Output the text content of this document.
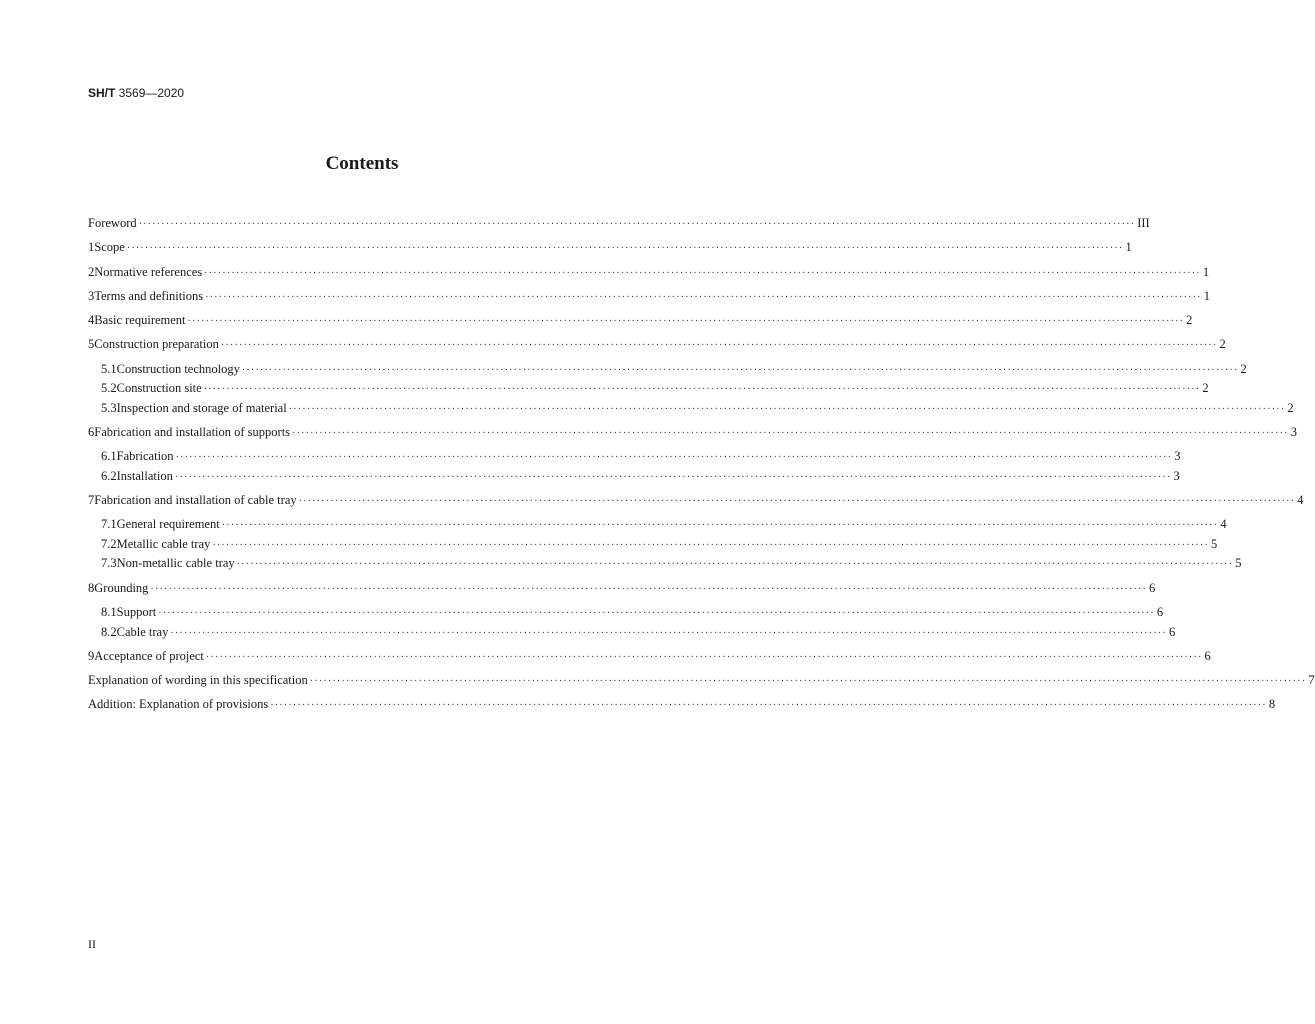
SH/T 3569—2020
Contents
Foreword ···························································································································································································································· III
1 Scope ···························································································································································································································· 1
2 Normative references ···························································································································································································································· 1
3 Terms and definitions ···························································································································································································································· 1
4 Basic requirement ···························································································································································································································· 2
5 Construction preparation ···························································································································································································································· 2
5.1 Construction technology ···························································································································································································································· 2
5.2 Construction site ···························································································································································································································· 2
5.3 Inspection and storage of material ···························································································································································································································· 2
6 Fabrication and installation of supports ···························································································································································································································· 3
6.1 Fabrication ···························································································································································································································· 3
6.2 Installation ···························································································································································································································· 3
7 Fabrication and installation of cable tray ···························································································································································································································· 4
7.1 General requirement ···························································································································································································································· 4
7.2 Metallic cable tray ···························································································································································································································· 5
7.3 Non-metallic cable tray ···························································································································································································································· 5
8 Grounding ···························································································································································································································· 6
8.1 Support ···························································································································································································································· 6
8.2 Cable tray ···························································································································································································································· 6
9 Acceptance of project ···························································································································································································································· 6
Explanation of wording in this specification ···························································································································································································································· 7
Addition: Explanation of provisions ···························································································································································································································· 8
II
